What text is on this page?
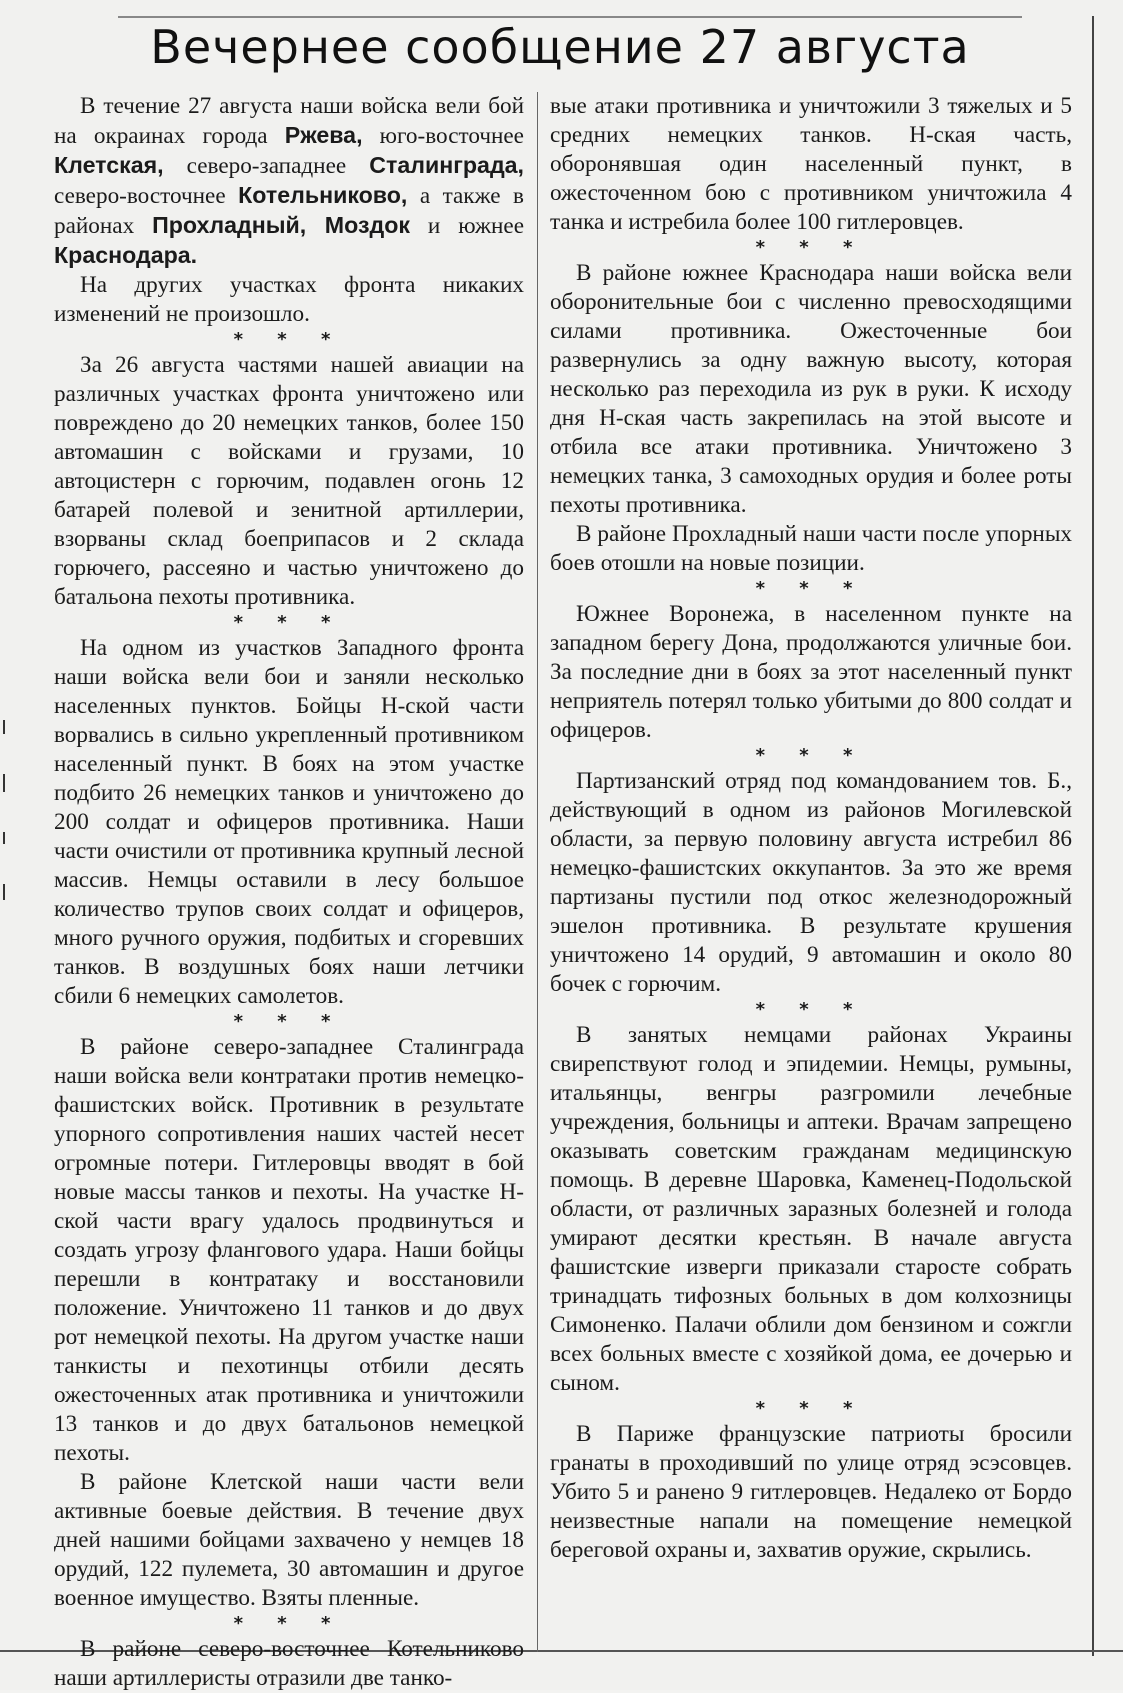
Вечернее сообщение 27 августа

В течение 27 августа наши войска вели бой на окраинах города Ржева, юго-восточнее Клетская, северо-западнее Сталинграда, северо-восточнее Котельниково, а также в районах Прохладный, Моздок и южнее Краснодара.

На других участках фронта никаких изменений не произошло.

* * *

За 26 августа частями нашей авиации на различных участках фронта уничтожено или повреждено до 20 немецких танков, более 150 автомашин с войсками и грузами, 10 автоцистерн с горючим, подавлен огонь 12 батарей полевой и зенитной артиллерии, взорваны склад боеприпасов и 2 склада горючего, рассеяно и частью уничтожено до батальона пехоты противника.

* * *

На одном из участков Западного фронта наши войска вели бои и заняли несколько населенных пунктов. Бойцы Н-ской части ворвались в сильно укрепленный противником населенный пункт. В боях на этом участке подбито 26 немецких танков и уничтожено до 200 солдат и офицеров противника. Наши части очистили от противника крупный лесной массив. Немцы оставили в лесу большое количество трупов своих солдат и офицеров, много ручного оружия, подбитых и сгоревших танков. В воздушных боях наши летчики сбили 6 немецких самолетов.

* * *

В районе северо-западнее Сталинграда наши войска вели контратаки против немецко-фашистских войск. Противник в результате упорного сопротивления наших частей несет огромные потери. Гитлеровцы вводят в бой новые массы танков и пехоты. На участке Н-ской части врагу удалось продвинуться и создать угрозу флангового удара. Наши бойцы перешли в контратаку и восстановили положение. Уничтожено 11 танков и до двух рот немецкой пехоты. На другом участке наши танкисты и пехотинцы отбили десять ожесточенных атак противника и уничтожили 13 танков и до двух батальонов немецкой пехоты.

В районе Клетской наши части вели активные боевые действия. В течение двух дней нашими бойцами захвачено у немцев 18 орудий, 122 пулемета, 30 автомашин и другое военное имущество. Взяты пленные.

* * *

В районе северо-восточнее Котельниково наши артиллеристы отразили две танко-

вые атаки противника и уничтожили 3 тяжелых и 5 средних немецких танков. Н-ская часть, оборонявшая один населенный пункт, в ожесточенном бою с противником уничтожила 4 танка и истребила более 100 гитлеровцев.

* * *

В районе южнее Краснодара наши войска вели оборонительные бои с численно превосходящими силами противника. Ожесточенные бои развернулись за одну важную высоту, которая несколько раз переходила из рук в руки. К исходу дня Н-ская часть закрепилась на этой высоте и отбила все атаки противника. Уничтожено 3 немецких танка, 3 самоходных орудия и более роты пехоты противника.

В районе Прохладный наши части после упорных боев отошли на новые позиции.

* * *

Южнее Воронежа, в населенном пункте на западном берегу Дона, продолжаются уличные бои. За последние дни в боях за этот населенный пункт неприятель потерял только убитыми до 800 солдат и офицеров.

* * *

Партизанский отряд под командованием тов. Б., действующий в одном из районов Могилевской области, за первую половину августа истребил 86 немецко-фашистских оккупантов. За это же время партизаны пустили под откос железнодорожный эшелон противника. В результате крушения уничтожено 14 орудий, 9 автомашин и около 80 бочек с горючим.

* * *

В занятых немцами районах Украины свирепствуют голод и эпидемии. Немцы, румыны, итальянцы, венгры разгромили лечебные учреждения, больницы и аптеки. Врачам запрещено оказывать советским гражданам медицинскую помощь. В деревне Шаровка, Каменец-Подольской области, от различных заразных болезней и голода умирают десятки крестьян. В начале августа фашистские изверги приказали старосте собрать тринадцать тифозных больных в дом колхозницы Симоненко. Палачи облили дом бензином и сожгли всех больных вместе с хозяйкой дома, ее дочерью и сыном.

* * *

В Париже французские патриоты бросили гранаты в проходивший по улице отряд эсэсовцев. Убито 5 и ранено 9 гитлеровцев. Недалеко от Бордо неизвестные напали на помещение немецкой береговой охраны и, захватив оружие, скрылись.
